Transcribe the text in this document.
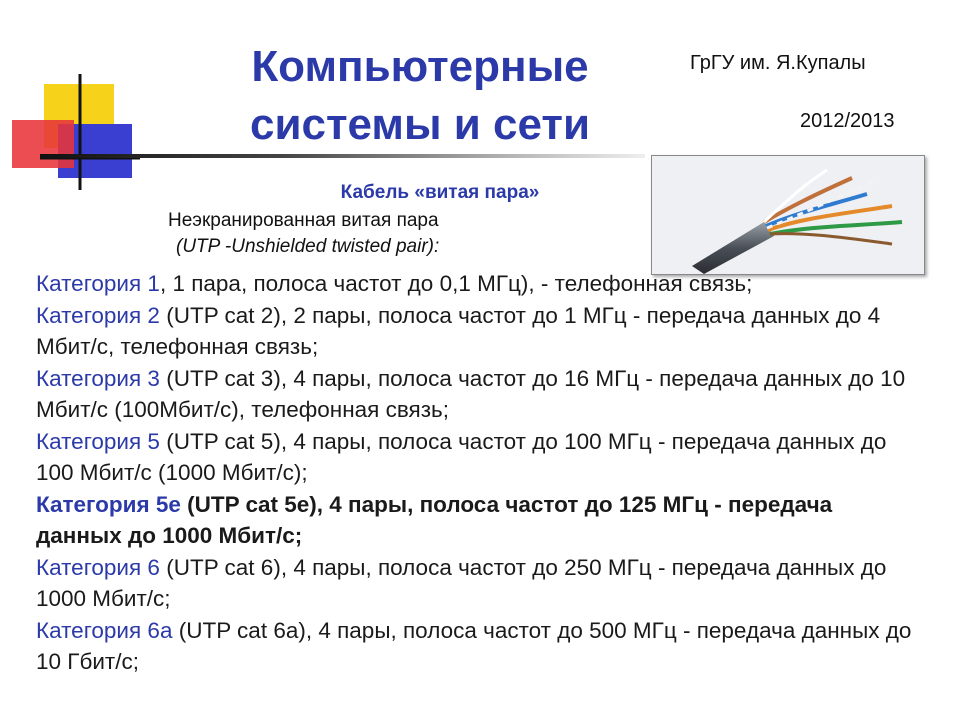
Компьютерные
системы и сети
ГрГУ им. Я.Купалы
2012/2013
Кабель «витая пара»
Неэкранированная витая пара
(UTP -Unshielded twisted pair):

Категория 1, 1 пара, полоса частот до 0,1 МГц), - телефонная связь;

Категория 2 (UTP cat 2), 2 пары, полоса частот до 1 МГц - передача данных до 4 Мбит/с, телефонная связь;

Категория 3 (UTP cat 3), 4 пары, полоса частот до 16 МГц - передача данных до 10 Мбит/с (100Мбит/с), телефонная связь;

Категория 5 (UTP cat 5), 4 пары, полоса частот до 100 МГц - передача данных до 100 Мбит/с (1000 Мбит/с);

Категория 5е (UTP cat 5e), 4 пары, полоса частот до 125 МГц - передача данных до 1000 Мбит/с;

Категория 6 (UTP cat 6), 4 пары, полоса частот до 250 МГц - передача данных до 1000 Мбит/с;

Категория 6a (UTP cat 6a), 4 пары, полоса частот до 500 МГц - передача данных до 10 Гбит/с;
